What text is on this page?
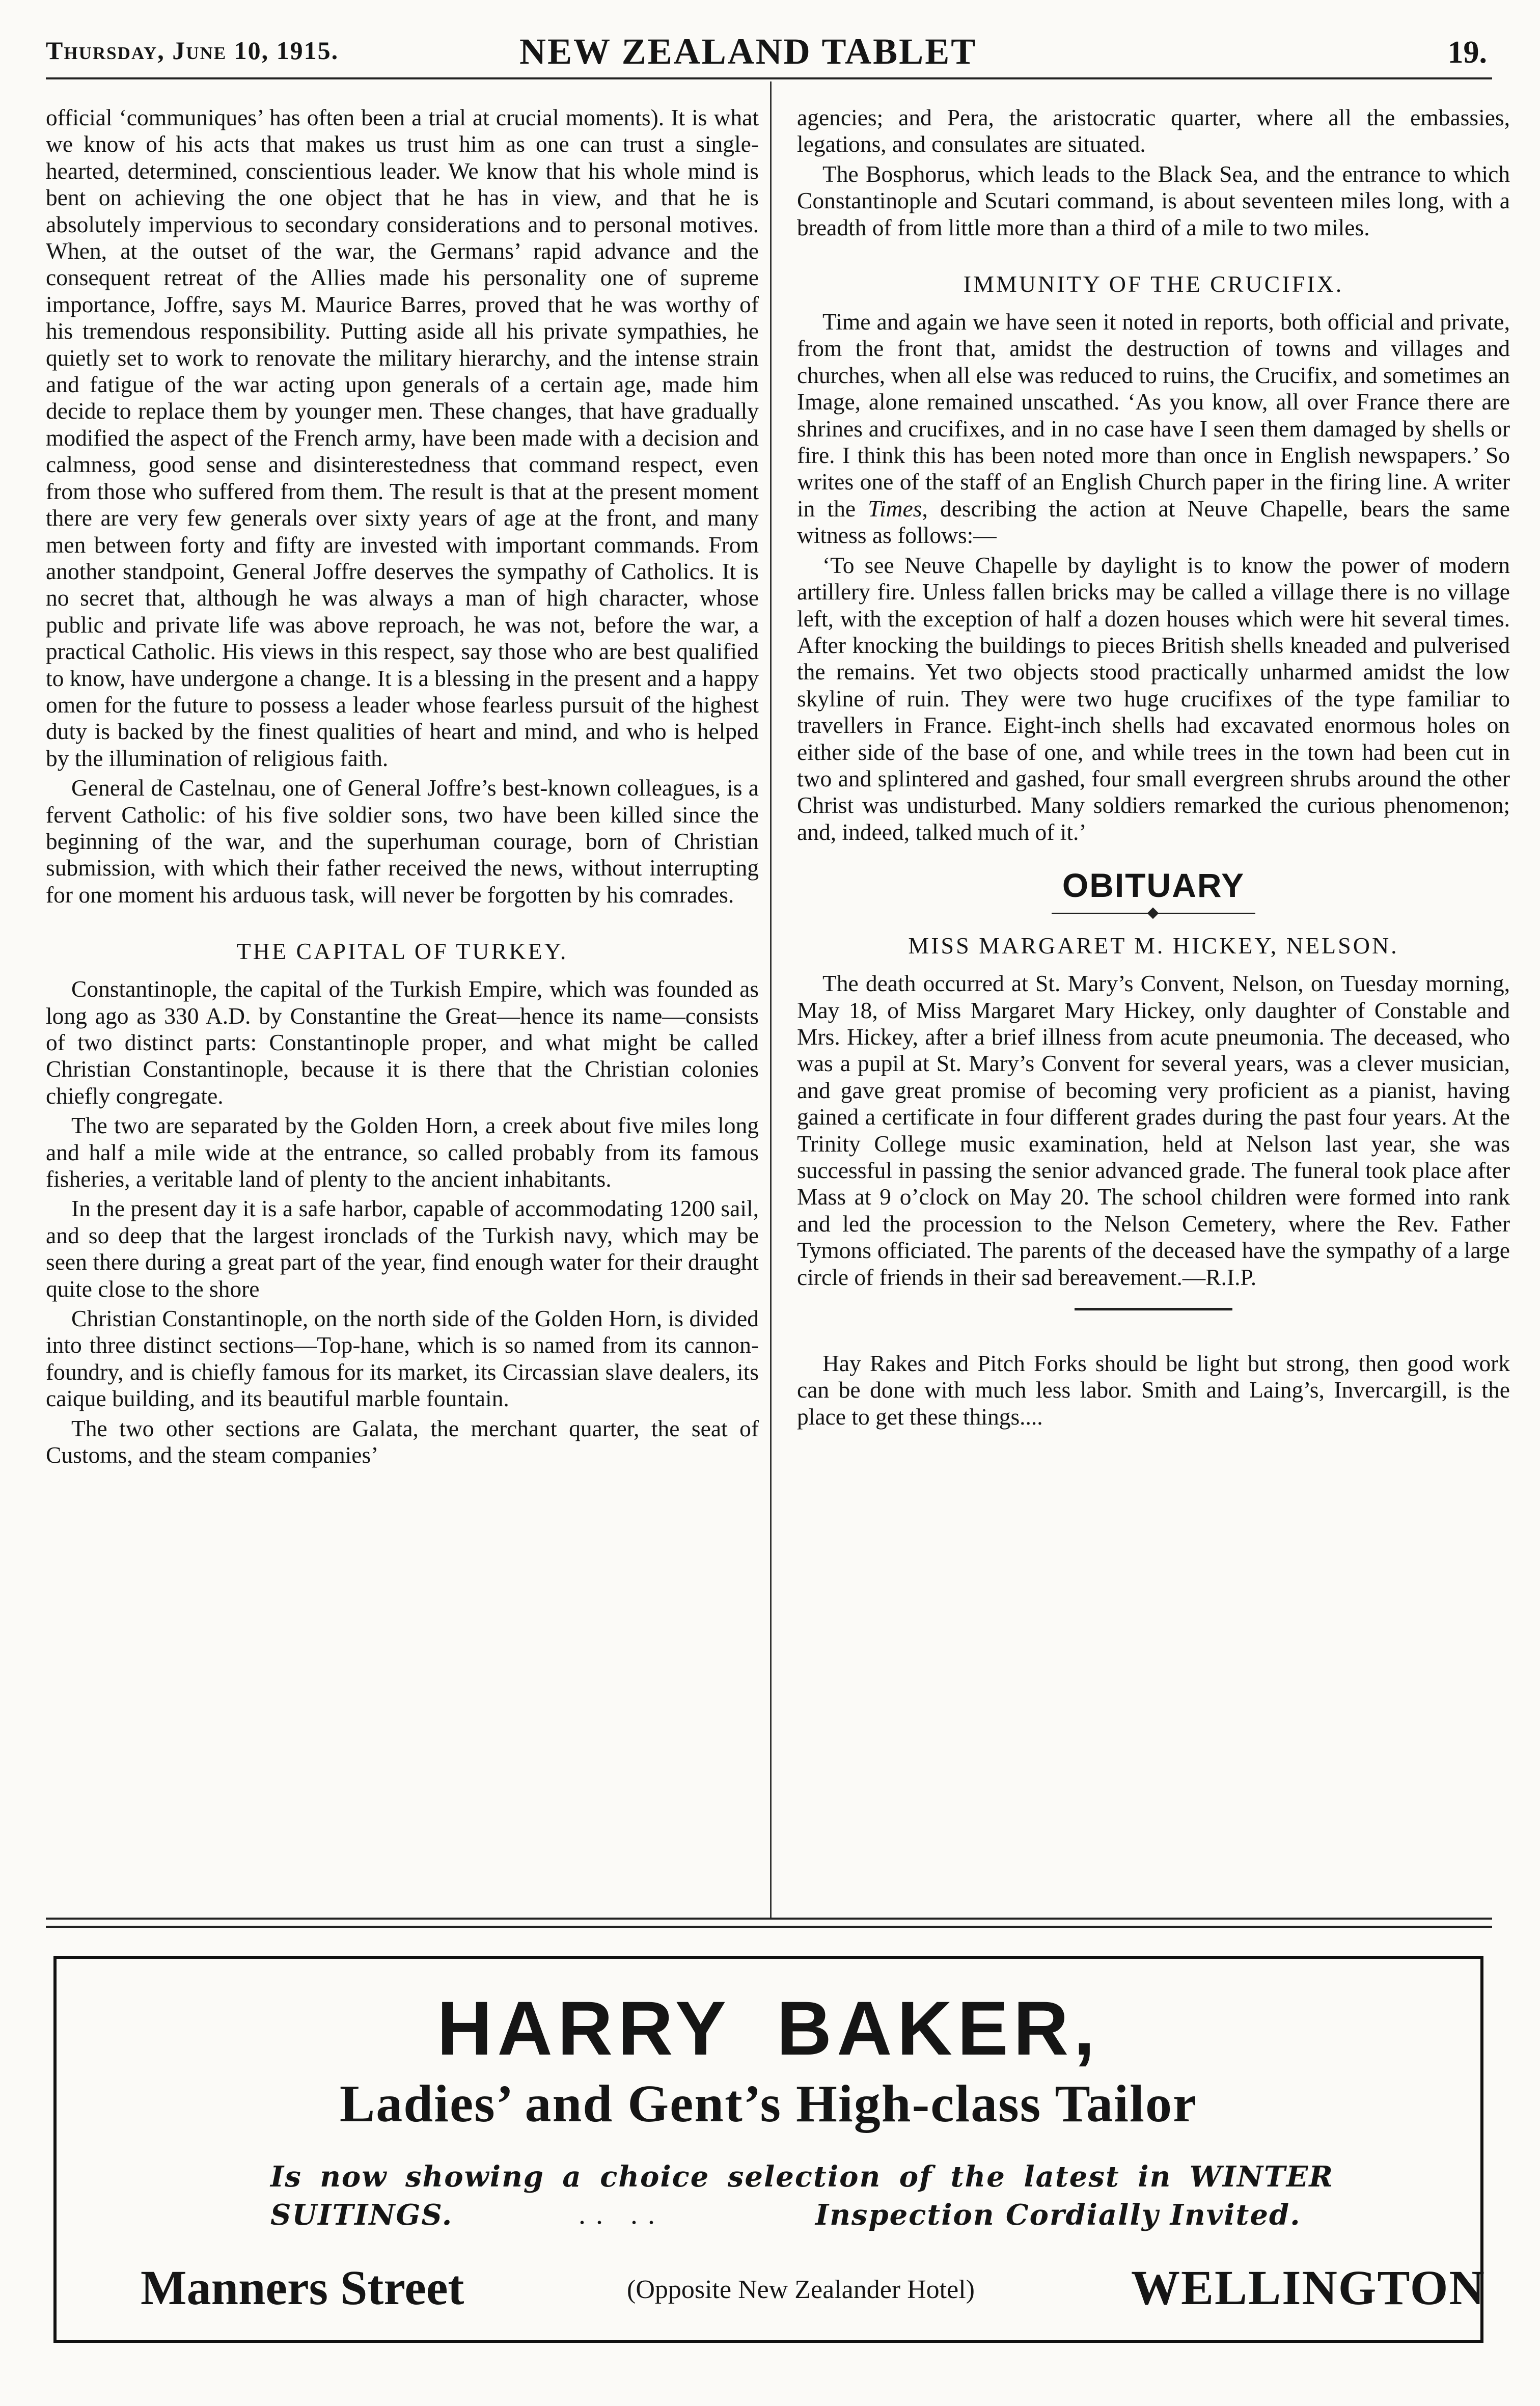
Thursday, June 10, 1915.	NEW ZEALAND TABLET	19.

official ‘communiques’ has often been a trial at crucial moments). It is what we know of his acts that makes us trust him as one can trust a single-hearted, determined, conscientious leader. We know that his whole mind is bent on achieving the one object that he has in view, and that he is absolutely impervious to secondary considerations and to personal motives. When, at the outset of the war, the Germans’ rapid advance and the consequent retreat of the Allies made his personality one of supreme importance, Joffre, says M. Maurice Barres, proved that he was worthy of his tremendous responsibility. Putting aside all his private sympathies, he quietly set to work to renovate the military hierarchy, and the intense strain and fatigue of the war acting upon generals of a certain age, made him decide to replace them by younger men. These changes, that have gradually modified the aspect of the French army, have been made with a decision and calmness, good sense and disinterestedness that command respect, even from those who suffered from them. The result is that at the present moment there are very few generals over sixty years of age at the front, and many men between forty and fifty are invested with important commands. From another standpoint, General Joffre deserves the sympathy of Catholics. It is no secret that, although he was always a man of high character, whose public and private life was above reproach, he was not, before the war, a practical Catholic. His views in this respect, say those who are best qualified to know, have undergone a change. It is a blessing in the present and a happy omen for the future to possess a leader whose fearless pursuit of the highest duty is backed by the finest qualities of heart and mind, and who is helped by the illumination of religious faith.

General de Castelnau, one of General Joffre’s best-known colleagues, is a fervent Catholic: of his five soldier sons, two have been killed since the beginning of the war, and the superhuman courage, born of Christian submission, with which their father received the news, without interrupting for one moment his arduous task, will never be forgotten by his comrades.

THE CAPITAL OF TURKEY.

Constantinople, the capital of the Turkish Empire, which was founded as long ago as 330 A.D. by Constantine the Great—hence its name—consists of two distinct parts: Constantinople proper, and what might be called Christian Constantinople, because it is there that the Christian colonies chiefly congregate.

The two are separated by the Golden Horn, a creek about five miles long and half a mile wide at the entrance, so called probably from its famous fisheries, a veritable land of plenty to the ancient inhabitants.

In the present day it is a safe harbor, capable of accommodating 1200 sail, and so deep that the largest ironclads of the Turkish navy, which may be seen there during a great part of the year, find enough water for their draught quite close to the shore

Christian Constantinople, on the north side of the Golden Horn, is divided into three distinct sections—Top-hane, which is so named from its cannon-foundry, and is chiefly famous for its market, its Circassian slave dealers, its caique building, and its beautiful marble fountain.

The two other sections are Galata, the merchant quarter, the seat of Customs, and the steam companies’

agencies; and Pera, the aristocratic quarter, where all the embassies, legations, and consulates are situated.

The Bosphorus, which leads to the Black Sea, and the entrance to which Constantinople and Scutari command, is about seventeen miles long, with a breadth of from little more than a third of a mile to two miles.

IMMUNITY OF THE CRUCIFIX.

Time and again we have seen it noted in reports, both official and private, from the front that, amidst the destruction of towns and villages and churches, when all else was reduced to ruins, the Crucifix, and sometimes an Image, alone remained unscathed. ‘As you know, all over France there are shrines and crucifixes, and in no case have I seen them damaged by shells or fire. I think this has been noted more than once in English newspapers.’ So writes one of the staff of an English Church paper in the firing line. A writer in the Times, describing the action at Neuve Chapelle, bears the same witness as follows:—

‘To see Neuve Chapelle by daylight is to know the power of modern artillery fire. Unless fallen bricks may be called a village there is no village left, with the exception of half a dozen houses which were hit several times. After knocking the buildings to pieces British shells kneaded and pulverised the remains. Yet two objects stood practically unharmed amidst the low skyline of ruin. They were two huge crucifixes of the type familiar to travellers in France. Eight-inch shells had excavated enormous holes on either side of the base of one, and while trees in the town had been cut in two and splintered and gashed, four small evergreen shrubs around the other Christ was undisturbed. Many soldiers remarked the curious phenomenon; and, indeed, talked much of it.’

OBITUARY
MISS MARGARET M. HICKEY, NELSON.

The death occurred at St. Mary’s Convent, Nelson, on Tuesday morning, May 18, of Miss Margaret Mary Hickey, only daughter of Constable and Mrs. Hickey, after a brief illness from acute pneumonia. The deceased, who was a pupil at St. Mary’s Convent for several years, was a clever musician, and gave great promise of becoming very proficient as a pianist, having gained a certificate in four different grades during the past four years. At the Trinity College music examination, held at Nelson last year, she was successful in passing the senior advanced grade. The funeral took place after Mass at 9 o’clock on May 20. The school children were formed into rank and led the procession to the Nelson Cemetery, where the Rev. Father Tymons officiated. The parents of the deceased have the sympathy of a large circle of friends in their sad bereavement.—R.I.P.

Hay Rakes and Pitch Forks should be light but strong, then good work can be done with much less labor. Smith and Laing’s, Invercargill, is the place to get these things....

HARRY BAKER,
Ladies’ and Gent’s High-class Tailor
Is now showing a choice selection of the latest in WINTER
SUITINGS.	.. ..	Inspection Cordially Invited.
Manners Street	(Opposite New Zealander Hotel)	WELLINGTON
